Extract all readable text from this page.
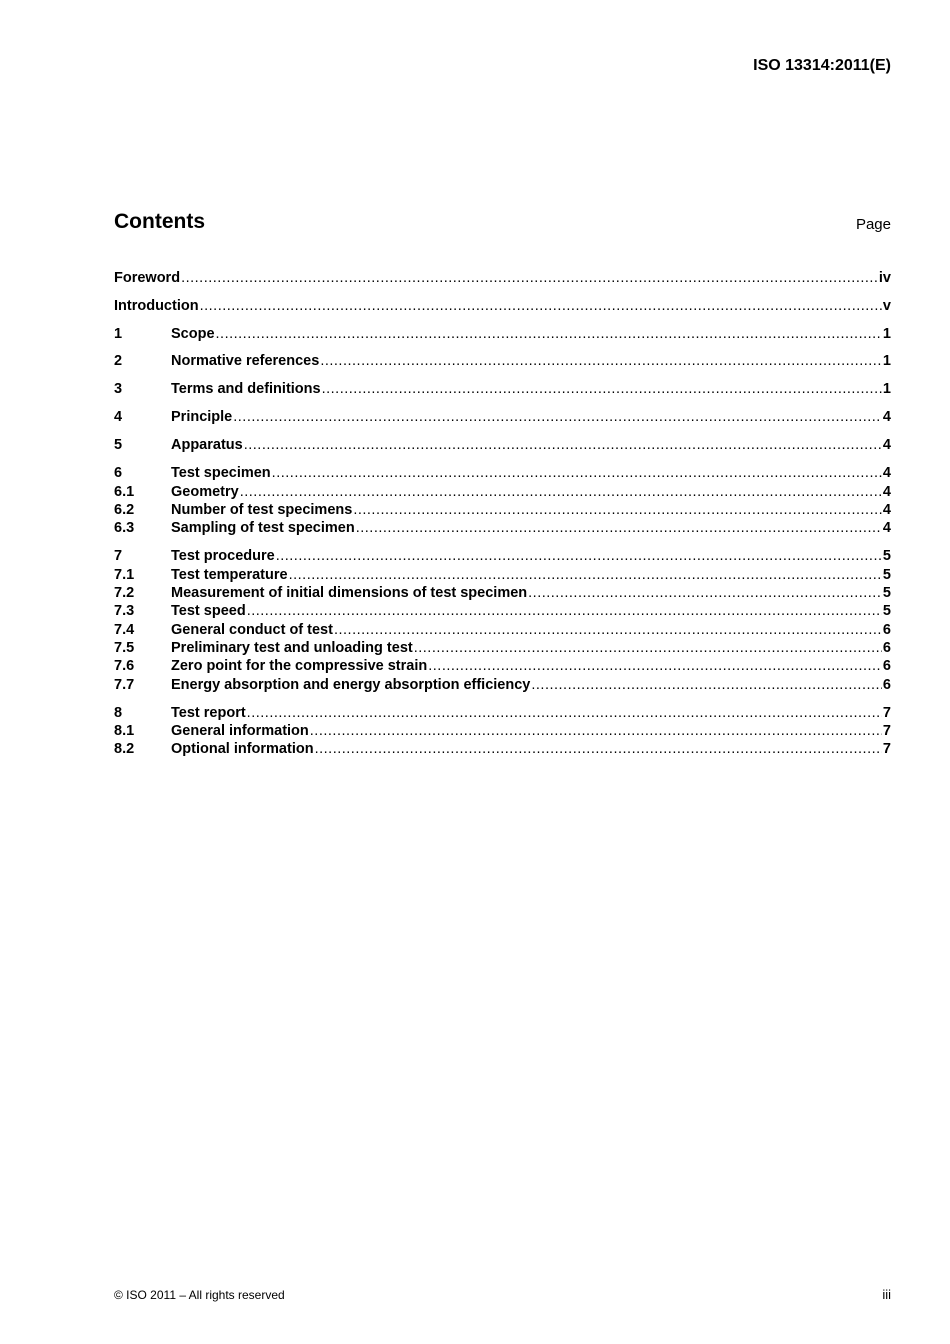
ISO 13314:2011(E)
Contents	Page
Foreword .....	iv
Introduction .....	v
1	Scope .....	1
2	Normative references .....	1
3	Terms and definitions .....	1
4	Principle .....	4
5	Apparatus .....	4
6	Test specimen .....	4
6.1	Geometry .....	4
6.2	Number of test specimens .....	4
6.3	Sampling of test specimen .....	4
7	Test procedure .....	5
7.1	Test temperature .....	5
7.2	Measurement of initial dimensions of test specimen .....	5
7.3	Test speed .....	5
7.4	General conduct of test .....	6
7.5	Preliminary test and unloading test .....	6
7.6	Zero point for the compressive strain .....	6
7.7	Energy absorption and energy absorption efficiency .....	6
8	Test report .....	7
8.1	General information .....	7
8.2	Optional information .....	7
© ISO 2011 – All rights reserved	iii
